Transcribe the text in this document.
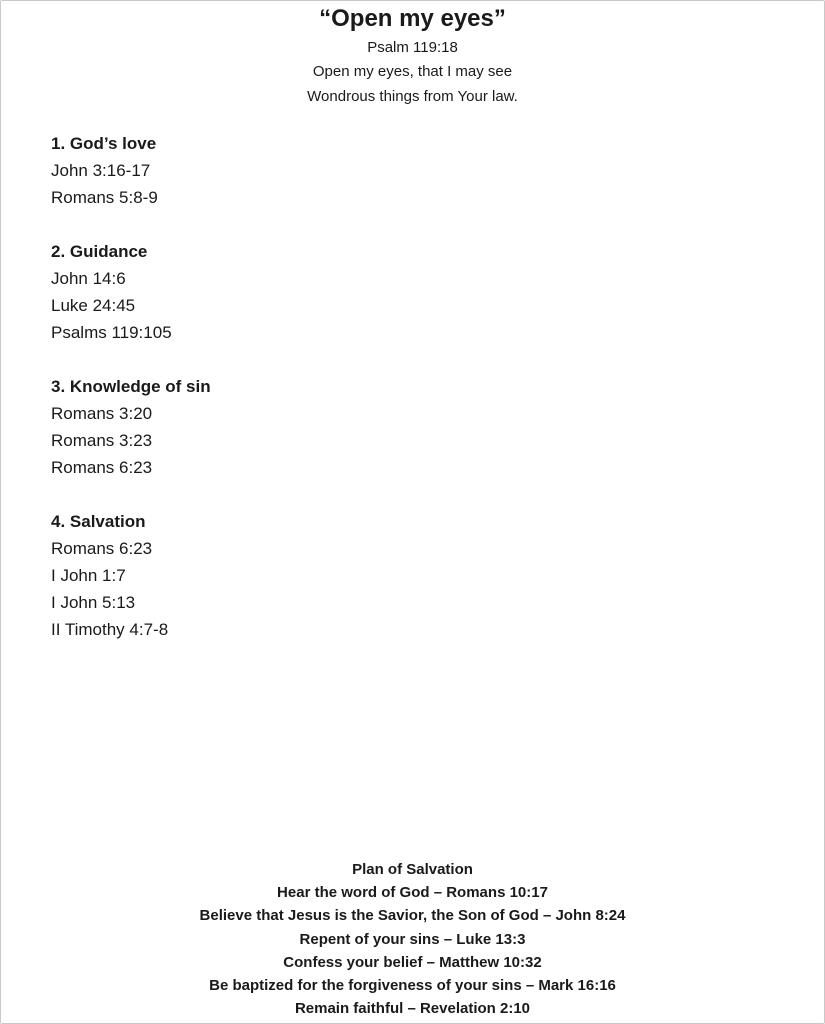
“Open my eyes”
Psalm 119:18
Open my eyes, that I may see
Wondrous things from Your law.
1. God’s love
John 3:16-17
Romans 5:8-9
2. Guidance
John 14:6
Luke 24:45
Psalms 119:105
3. Knowledge of sin
Romans 3:20
Romans 3:23
Romans 6:23
4. Salvation
Romans 6:23
I John 1:7
I John 5:13
II Timothy 4:7-8
Plan of Salvation
Hear the word of God – Romans 10:17
Believe that Jesus is the Savior, the Son of God – John 8:24
Repent of your sins – Luke 13:3
Confess your belief – Matthew 10:32
Be baptized for the forgiveness of your sins – Mark 16:16
Remain faithful – Revelation 2:10
